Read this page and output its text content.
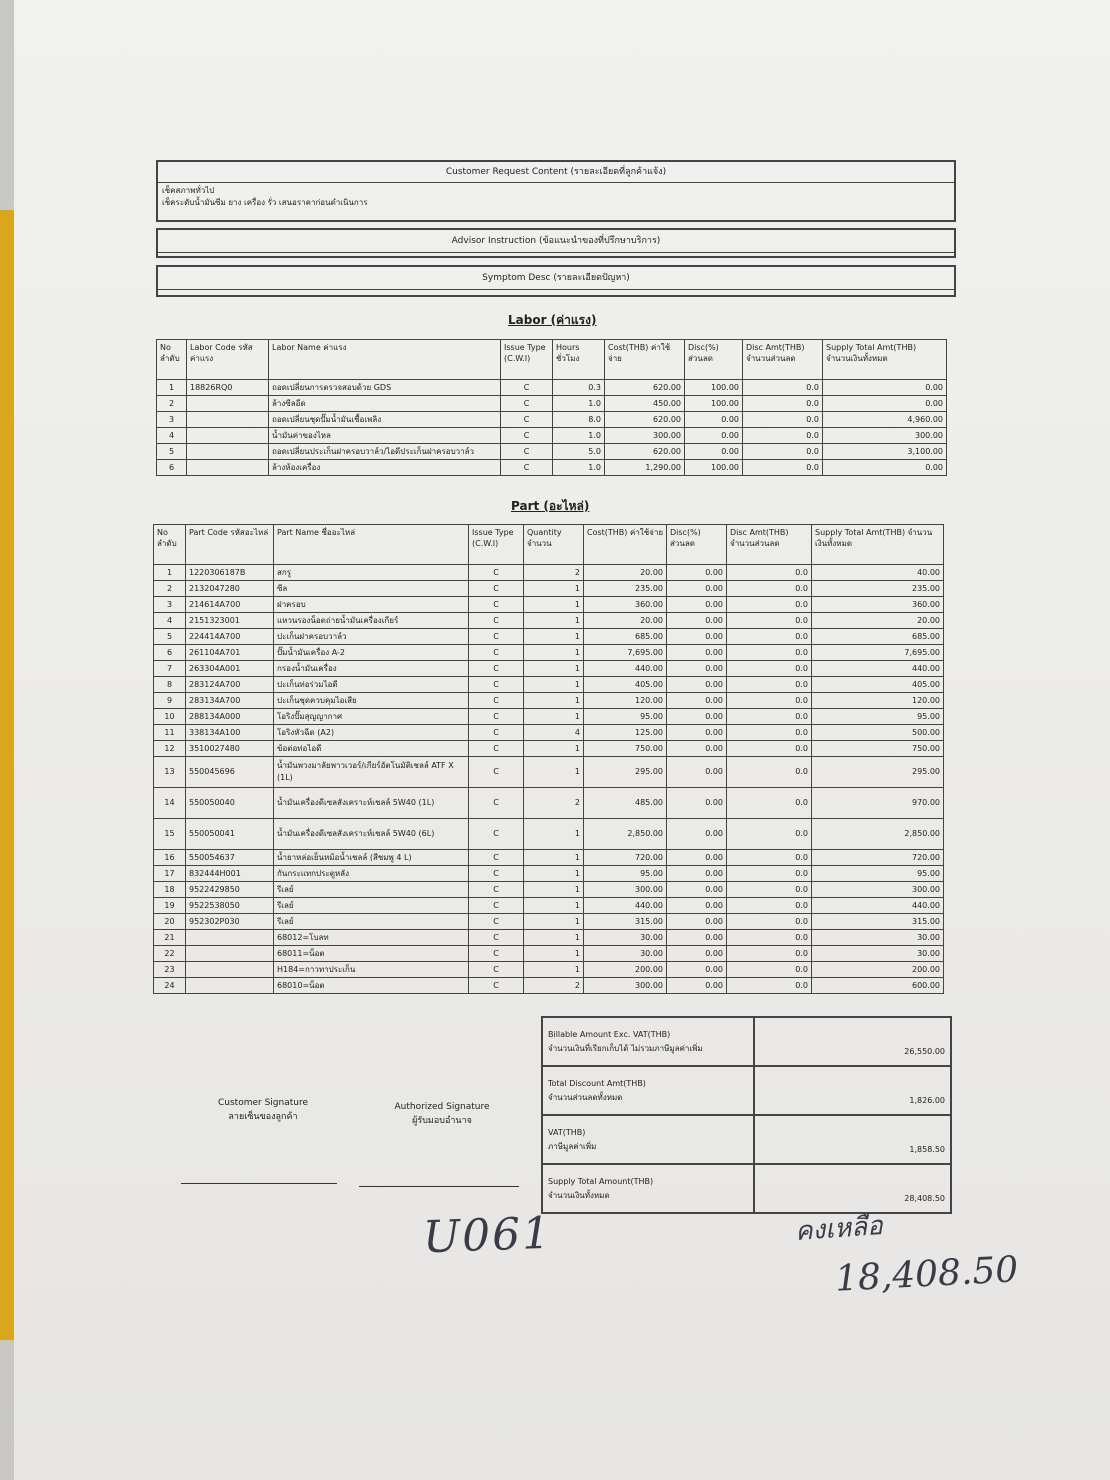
Customer Request Content (รายละเอียดที่ลูกค้าแจ้ง)
เช็คสภาพทั่วไป
เช็คระดับน้ำมันซีม ยาง เครื่อง รั่ว เสนอราคาก่อนดำเนินการ
Advisor Instruction (ข้อแนะนำของที่ปรึกษาบริการ)
Symptom Desc (รายละเอียดปัญหา)
Labor (ค่าแรง)
No ลำดับ	Labor Code รหัสค่าแรง	Labor Name ค่าแรง	Issue Type (C.W.I)	Hours ชั่วโมง	Cost(THB) ค่าใช้จ่าย	Disc(%) ส่วนลด	Disc Amt(THB) จำนวนส่วนลด	Supply Total Amt(THB) จำนวนเงินทั้งหมด
1	18826RQ0	ถอดเปลี่ยนการตรวจสอบด้วย GDS	C	0.3	620.00	100.00	0.0	0.00
2		ล้างซีลอีด	C	1.0	450.00	100.00	0.0	0.00
3		ถอดเปลี่ยนชุดปั๊มน้ำมันเชื้อเพลิง	C	8.0	620.00	0.00	0.0	4,960.00
4		น้ำมันค่าของไหล	C	1.0	300.00	0.00	0.0	300.00
5		ถอดเปลี่ยนประเก็นฝาครอบวาล์ว/ไอดีประเก็นฝาครอบวาล์ว	C	5.0	620.00	0.00	0.0	3,100.00
6		ล้างห้องเครื่อง	C	1.0	1,290.00	100.00	0.0	0.00
Part (อะไหล่)
No ลำดับ	Part Code รหัสอะไหล่	Part Name ชื่ออะไหล่	Issue Type (C.W.I)	Quantity จำนวน	Cost(THB) ค่าใช้จ่าย	Disc(%) ส่วนลด	Disc Amt(THB) จำนวนส่วนลด	Supply Total Amt(THB) จำนวนเงินทั้งหมด
1	1220306187B	สกรู	C	2	20.00	0.00	0.0	40.00
2	2132047280	ซีล	C	1	235.00	0.00	0.0	235.00
3	214614A700	ฝาครอบ	C	1	360.00	0.00	0.0	360.00
4	2151323001	แหวนรองน็อตถ่ายน้ำมันเครื่องเกียร์	C	1	20.00	0.00	0.0	20.00
5	224414A700	ปะเก็นฝาครอบวาล์ว	C	1	685.00	0.00	0.0	685.00
6	261104A701	ปั๊มน้ำมันเครื่อง A-2	C	1	7,695.00	0.00	0.0	7,695.00
7	263304A001	กรองน้ำมันเครื่อง	C	1	440.00	0.00	0.0	440.00
8	283124A700	ปะเก็นท่อร่วมไอดี	C	1	405.00	0.00	0.0	405.00
9	283134A700	ปะเก็นชุดควบคุมไอเสีย	C	1	120.00	0.00	0.0	120.00
10	288134A000	โอริงปั๊มสุญญากาศ	C	1	95.00	0.00	0.0	95.00
11	338134A100	โอริงหัวฉีด (A2)	C	4	125.00	0.00	0.0	500.00
12	3510027480	ข้อต่อท่อไอดี	C	1	750.00	0.00	0.0	750.00
13	550045696	น้ำมันพวงมาลัยพาวเวอร์/เกียร์อัตโนมัติเชลล์ ATF X (1L)	C	1	295.00	0.00	0.0	295.00
14	550050040	น้ำมันเครื่องดีเซลสังเคราะห์เชลล์ 5W40 (1L)	C	2	485.00	0.00	0.0	970.00
15	550050041	น้ำมันเครื่องดีเซลสังเคราะห์เชลล์ 5W40 (6L)	C	1	2,850.00	0.00	0.0	2,850.00
16	550054637	น้ำยาหล่อเย็นหม้อน้ำเชลล์ (สีชมพู 4 L)	C	1	720.00	0.00	0.0	720.00
17	832444H001	กันกระแทกประตูหลัง	C	1	95.00	0.00	0.0	95.00
18	9522429850	รีเลย์	C	1	300.00	0.00	0.0	300.00
19	9522538050	รีเลย์	C	1	440.00	0.00	0.0	440.00
20	952302P030	รีเลย์	C	1	315.00	0.00	0.0	315.00
21		68012=โบลท	C	1	30.00	0.00	0.0	30.00
22		68011=น็อต	C	1	30.00	0.00	0.0	30.00
23		H184=กาวทาประเก็น	C	1	200.00	0.00	0.0	200.00
24		68010=น็อต	C	2	300.00	0.00	0.0	600.00
Billable Amount Exc. VAT(THB)
จำนวนเงินที่เรียกเก็บได้ ไม่รวมภาษีมูลค่าเพิ่ม	26,550.00

Total Discount Amt(THB)
จำนวนส่วนลดทั้งหมด	1,826.00

VAT(THB)
ภาษีมูลค่าเพิ่ม	1,858.50

Supply Total Amount(THB)
จำนวนเงินทั้งหมด	28,408.50
Customer Signature
ลายเซ็นของลูกค้า
Authorized Signature
ผู้รับมอบอำนาจ
U061	คงเหลือ
18,408.50
